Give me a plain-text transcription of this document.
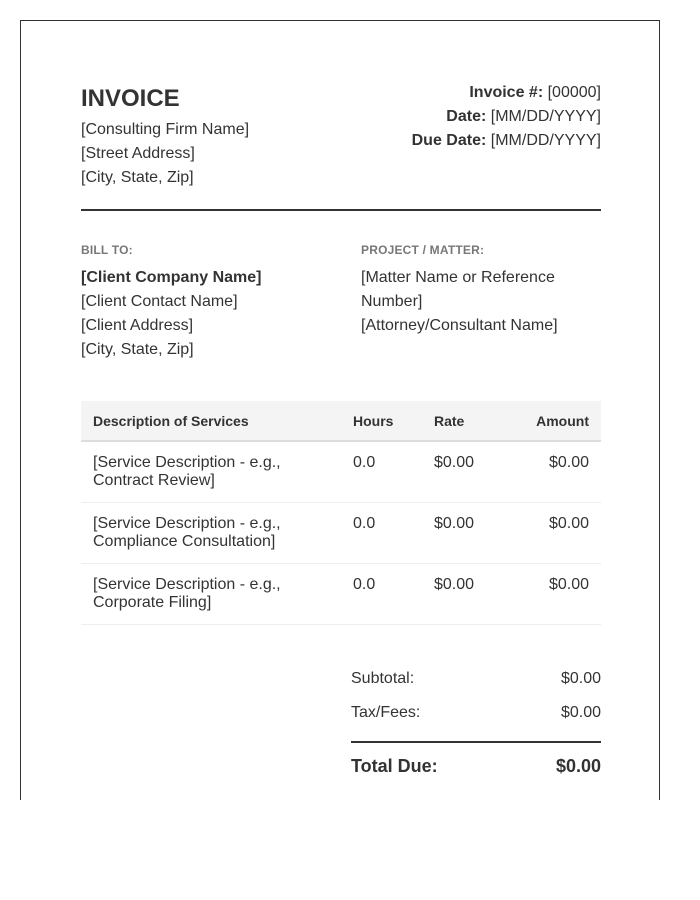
INVOICE
[Consulting Firm Name]
[Street Address]
[City, State, Zip]
Invoice #: [00000]
Date: [MM/DD/YYYY]
Due Date: [MM/DD/YYYY]
BILL TO:
[Client Company Name]
[Client Contact Name]
[Client Address]
[City, State, Zip]
PROJECT / MATTER:
[Matter Name or Reference
Number]
[Attorney/Consultant Name]
Description of Services	Hours	Rate	Amount

[Service Description - e.g.,
Contract Review]	0.0	$0.00	$0.00

[Service Description - e.g.,
Compliance Consultation]	0.0	$0.00	$0.00

[Service Description - e.g.,
Corporate Filing]	0.0	$0.00	$0.00
Subtotal:	$0.00
Tax/Fees:	$0.00
Total Due:	$0.00
